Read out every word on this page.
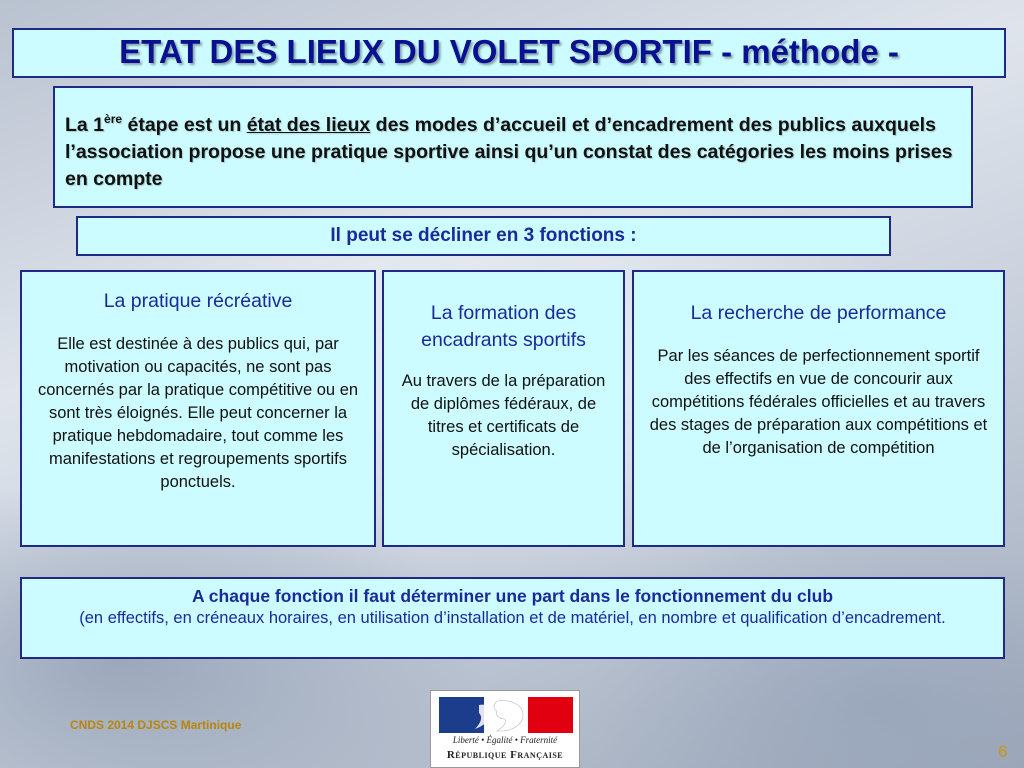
ETAT DES LIEUX DU VOLET SPORTIF - méthode -

La 1ère étape est un état des lieux des modes d’accueil et d’encadrement des publics auxquels l’association propose une pratique sportive ainsi qu’un constat des catégories les moins prises en compte

Il peut se décliner en 3 fonctions :
La pratique récréative

Elle est destinée à des publics qui, par motivation ou capacités, ne sont pas concernés par la pratique compétitive ou en sont très éloignés. Elle peut concerner la pratique hebdomadaire, tout comme les manifestations et regroupements sportifs ponctuels.

La formation des encadrants sportifs

Au travers de la préparation de diplômes fédéraux, de titres et certificats de spécialisation.

La recherche de performance

Par les séances de perfectionnement sportif des effectifs en vue de concourir aux compétitions fédérales officielles et au travers des stages de préparation aux compétitions et de l’organisation de compétition

A chaque fonction il faut déterminer une part dans le fonctionnement du club
(en effectifs, en créneaux horaires, en utilisation d’installation et de matériel, en nombre et qualification d’encadrement.
CNDS 2014 DJSCS Martinique
Liberté • Égalité • Fraternité
République Française	6
